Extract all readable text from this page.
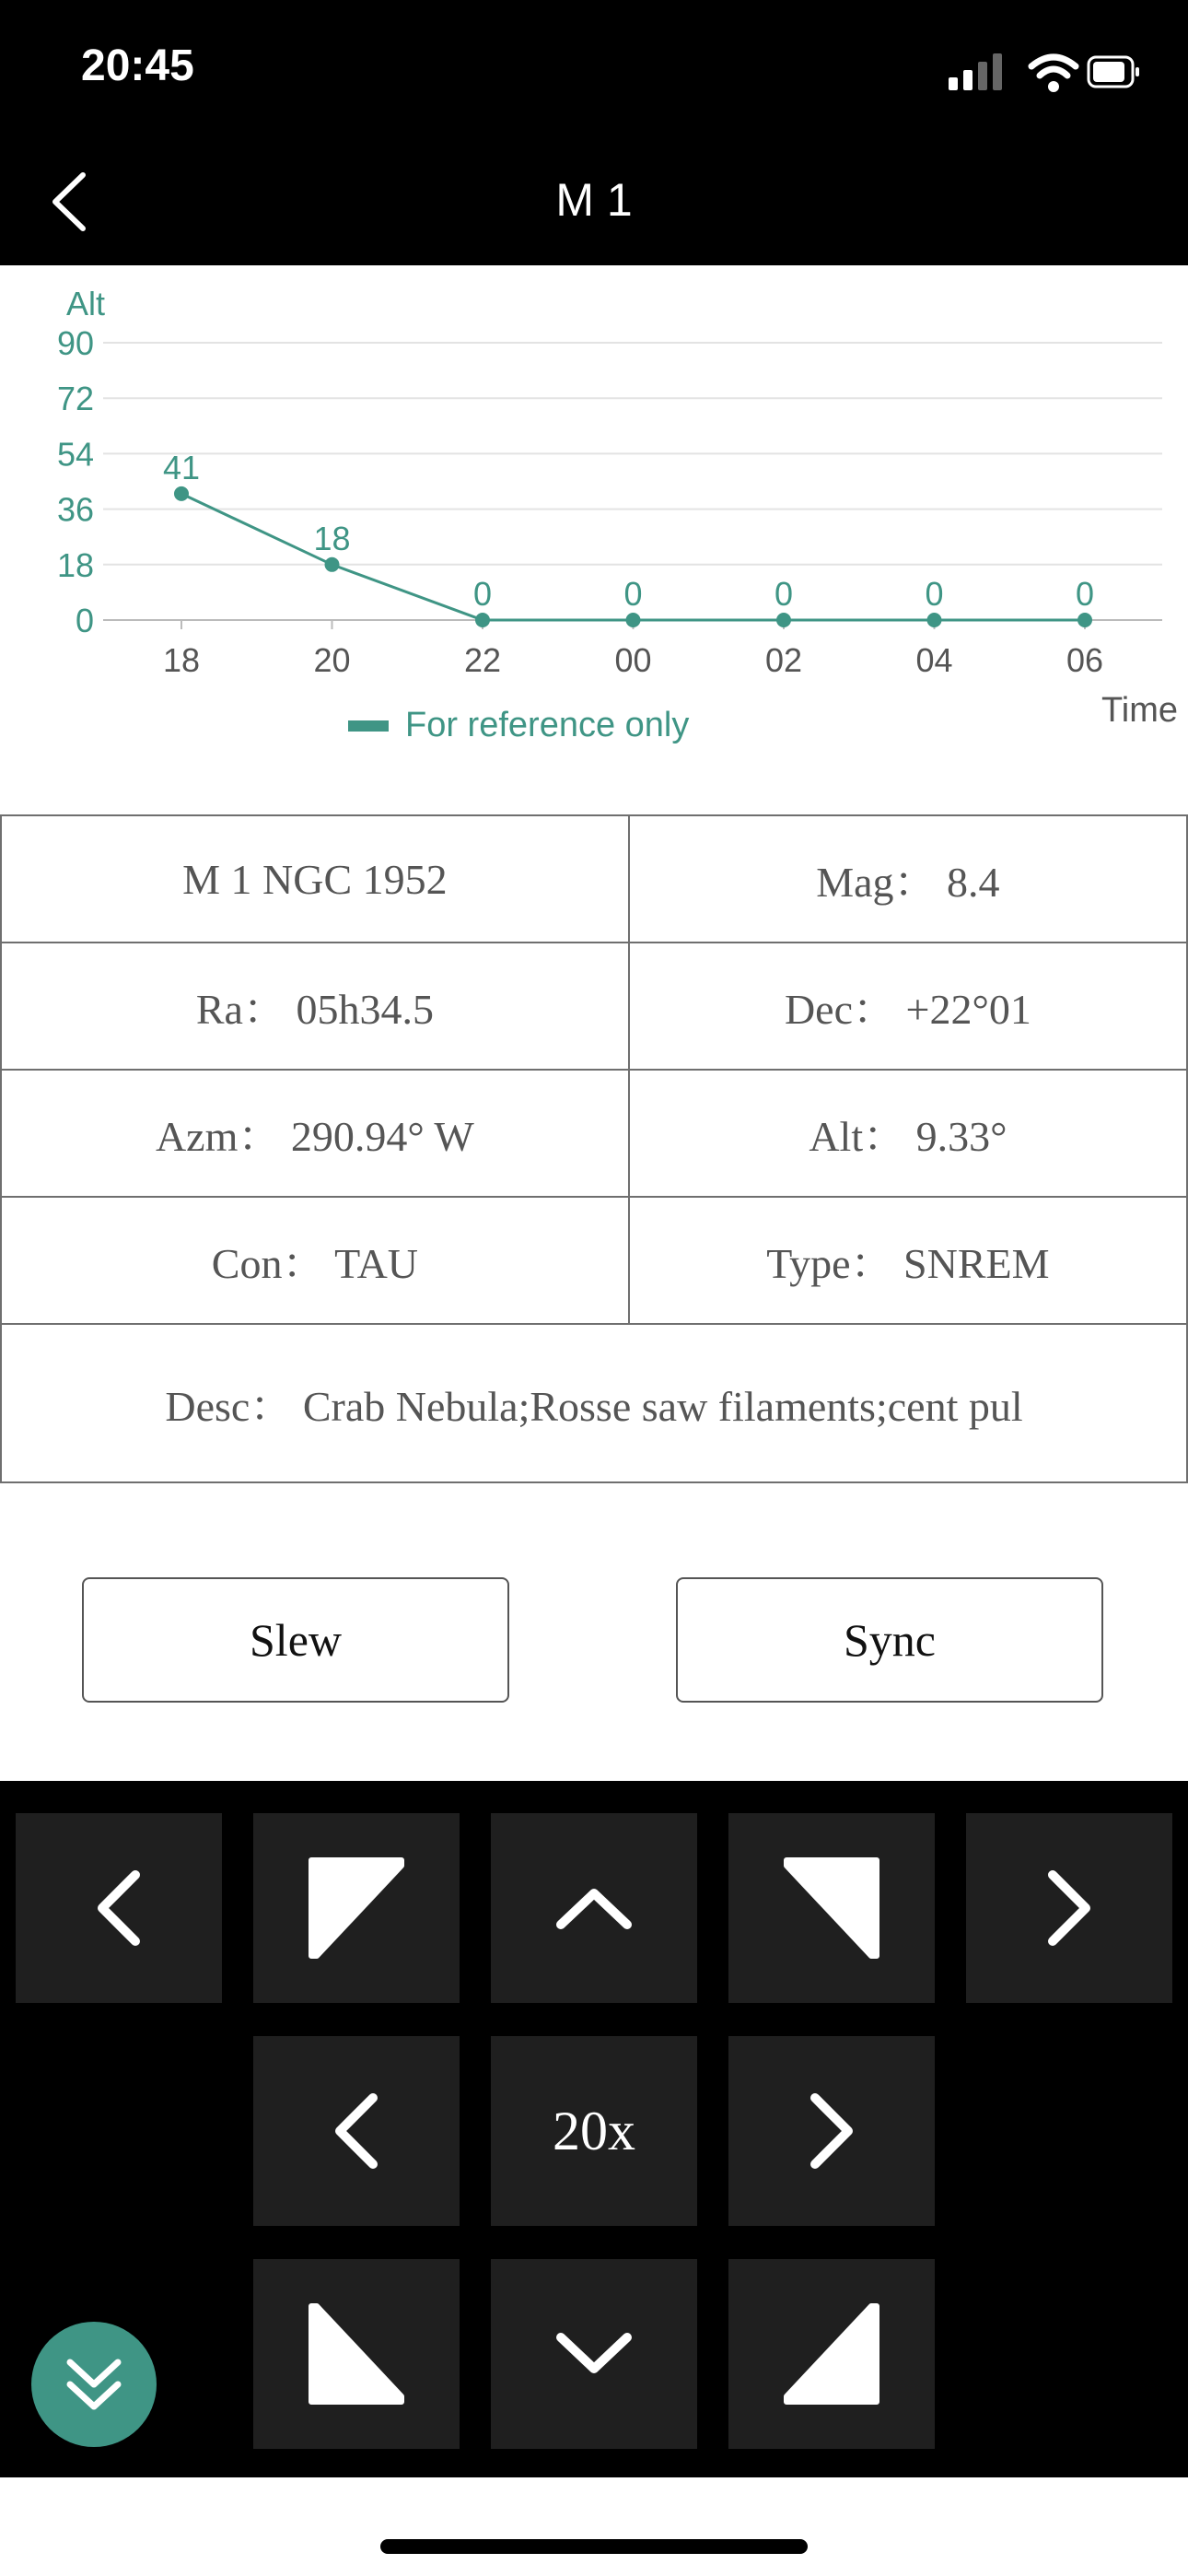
20:45
M 1
Alt
90
72
54
36
18
0
18	20	22	00	02	04	06
41
18
0	0	0	0	0
For reference only	Time
M 1 NGC 1952	Mag： 8.4
Ra： 05h34.5	Dec： +22°01
Azm： 290.94° W	Alt： 9.33°
Con： TAU	Type： SNREM
Desc： Crab Nebula;Rosse saw filaments;cent pul	
Slew	Sync
20x
